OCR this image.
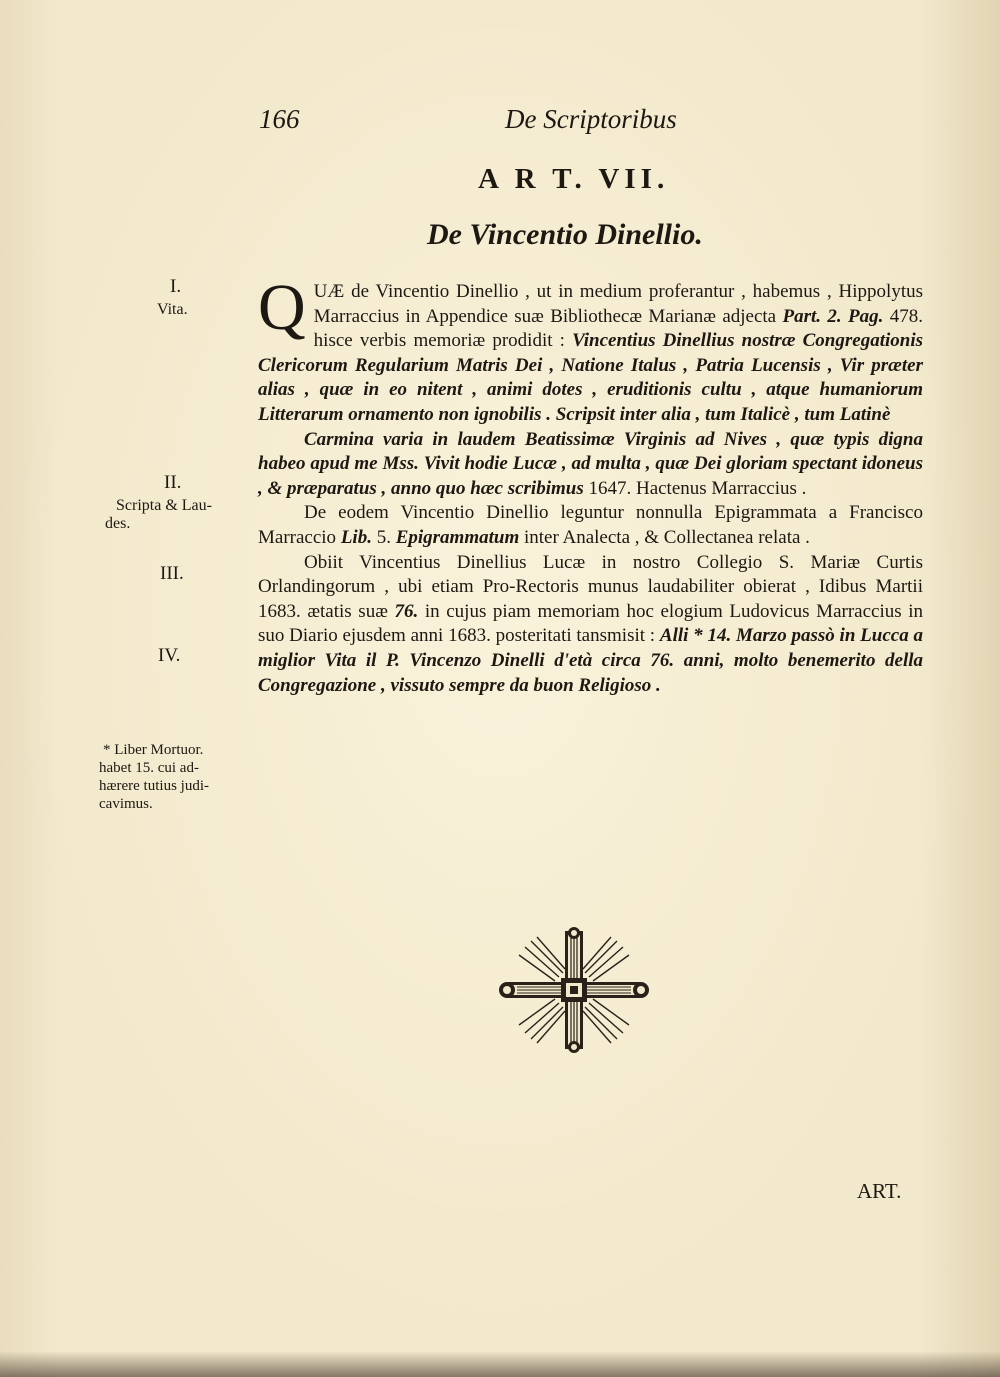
166	De Scriptoribus
A R T. VII.
De Vincentio Dinellio.
I.
Vita.
II.
Scripta & Lau-
des.
III.
IV.
* Liber Mortuor.
habet 15. cui ad-
hærere tutius judi-
cavimus.

Q UÆ de Vincentio Dinellio , ut in medium proferantur , habemus , Hippolytus Marraccius in Appendice suæ Bibliothecæ Marianæ adjecta Part. 2. Pag. 478. hisce verbis memoriæ prodidit : Vincentius Dinellius nostræ Congregationis Clericorum Regularium Matris Dei , Natione Italus , Patria Lucensis , Vir præter alias , quæ in eo nitent , animi dotes , eruditionis cultu , atque humaniorum Litterarum ornamento non ignobilis . Scripsit inter alia , tum Italicè , tum Latinè

Carmina varia in laudem Beatissimæ Virginis ad Nives , quæ typis digna habeo apud me Mss. Vivit hodie Lucæ , ad multa , quæ Dei gloriam spectant idoneus , & præparatus , anno quo hæc scribimus 1647. Hactenus Marraccius .

De eodem Vincentio Dinellio leguntur nonnulla Epigrammata a Francisco Marraccio Lib. 5. Epigrammatum inter Analecta , & Collectanea relata .

Obiit Vincentius Dinellius Lucæ in nostro Collegio S. Mariæ Curtis Orlandingorum , ubi etiam Pro-Rectoris munus laudabiliter obierat , Idibus Martii 1683. ætatis suæ 76. in cujus piam memoriam hoc elogium Ludovicus Marraccius in suo Diario ejusdem anni 1683. posteritati tansmisit : Alli * 14. Marzo passò in Lucca a miglior Vita il P. Vincenzo Dinelli d'età circa 76. anni, molto benemerito della Congregazione , vissuto sempre da buon Religioso .

ART.
